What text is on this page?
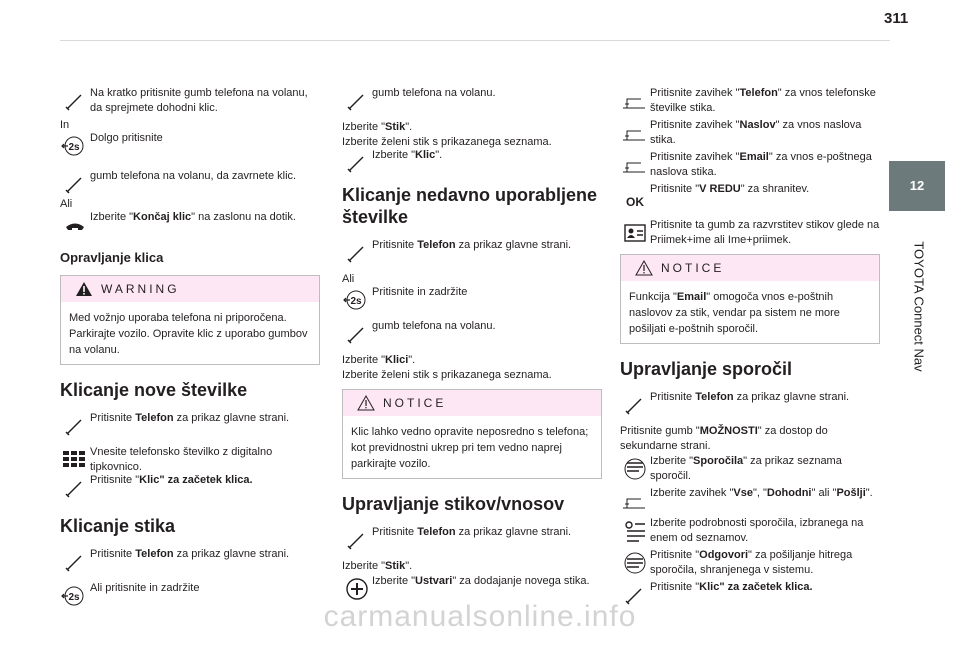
311
12
TOYOTA Connect Nav
Na kratko pritisnite gumb telefona na volanu, da sprejmete dohodni klic.
In
Dolgo pritisnite
gumb telefona na volanu, da zavrnete klic.
Ali
Izberite "Končaj klic" na zaslonu na dotik.
Opravljanje klica
WARNING
Med vožnjo uporaba telefona ni priporočena. Parkirajte vozilo. Opravite klic z uporabo gumbov na volanu.
Klicanje nove številke
Pritisnite Telefon za prikaz glavne strani.
Vnesite telefonsko številko z digitalno tipkovnico.
Pritisnite "Klic" za začetek klica.
Klicanje stika
Pritisnite Telefon za prikaz glavne strani.
Ali pritisnite in zadržite
gumb telefona na volanu.
Izberite "Stik".
Izberite želeni stik s prikazanega seznama.
Izberite "Klic".
Klicanje nedavno uporabljene številke
Pritisnite Telefon za prikaz glavne strani.
Ali
Pritisnite in zadržite
gumb telefona na volanu.
Izberite "Klici".
Izberite želeni stik s prikazanega seznama.
NOTICE
Klic lahko vedno opravite neposredno s telefona; kot previdnostni ukrep pri tem vedno naprej parkirajte vozilo.
Upravljanje stikov/vnosov
Pritisnite Telefon za prikaz glavne strani.
Izberite "Stik".
Izberite "Ustvari" za dodajanje novega stika.
Pritisnite zavihek "Telefon" za vnos telefonske številke stika.
Pritisnite zavihek "Naslov" za vnos naslova stika.
Pritisnite zavihek "Email" za vnos e-poštnega naslova stika.
OK
Pritisnite "V REDU" za shranitev.
Pritisnite ta gumb za razvrstitev stikov glede na Priimek+ime ali Ime+priimek.
NOTICE
Funkcija "Email" omogoča vnos e-poštnih naslovov za stik, vendar pa sistem ne more pošiljati e-poštnih sporočil.
Upravljanje sporočil
Pritisnite Telefon za prikaz glavne strani.
Pritisnite gumb "MOŽNOSTI" za dostop do sekundarne strani.
Izberite "Sporočila" za prikaz seznama sporočil.
Izberite zavihek "Vse", "Dohodni" ali "Pošlji".
Izberite podrobnosti sporočila, izbranega na enem od seznamov.
Pritisnite "Odgovori" za pošiljanje hitrega sporočila, shranjenega v sistemu.
Pritisnite "Klic" za začetek klica.
carmanualsonline.info
